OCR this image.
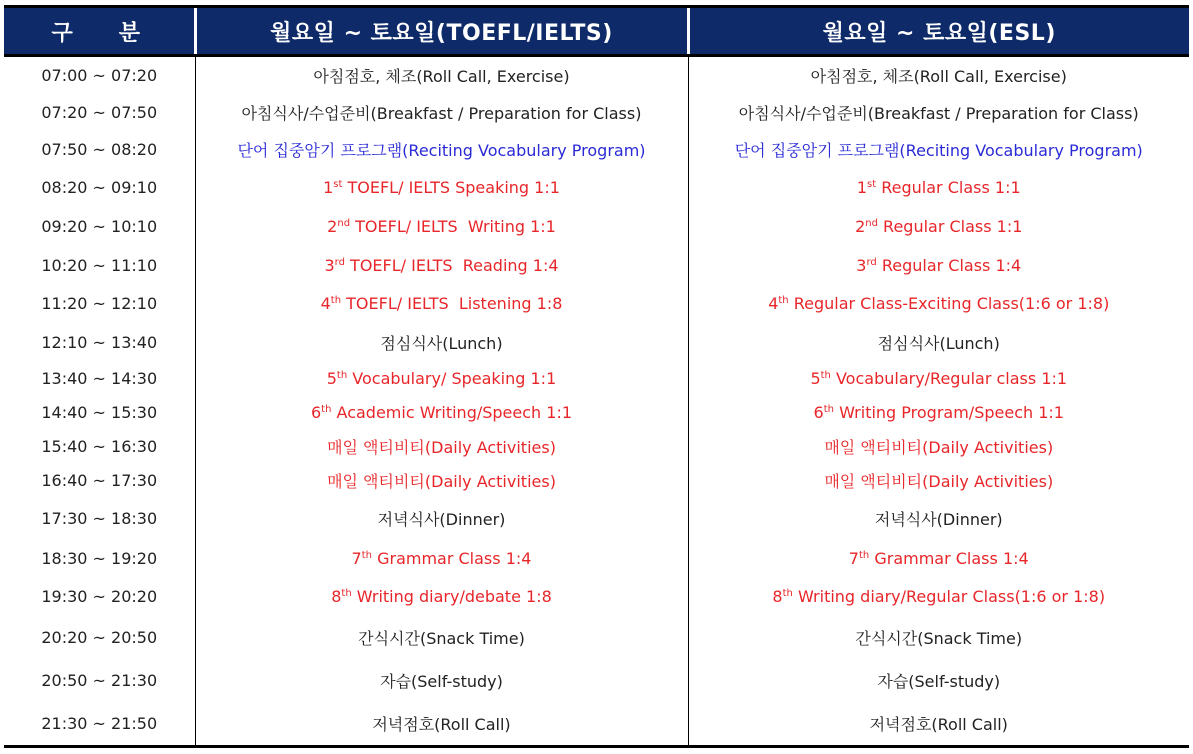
구 분	월요일 ~ 토요일(TOEFL/IELTS)	월요일 ~ 토요일(ESL)
07:00 ~ 07:20	아침점호, 체조(Roll Call, Exercise)	아침점호, 체조(Roll Call, Exercise)
07:20 ~ 07:50	아침식사/수업준비(Breakfast / Preparation for Class)	아침식사/수업준비(Breakfast / Preparation for Class)
07:50 ~ 08:20	단어 집중암기 프로그램(Reciting Vocabulary Program)	단어 집중암기 프로그램(Reciting Vocabulary Program)
08:20 ~ 09:10	1st TOEFL/ IELTS Speaking 1:1	1st Regular Class 1:1
09:20 ~ 10:10	2nd TOEFL/ IELTS  Writing 1:1	2nd Regular Class 1:1
10:20 ~ 11:10	3rd TOEFL/ IELTS  Reading 1:4	3rd Regular Class 1:4
11:20 ~ 12:10	4th TOEFL/ IELTS  Listening 1:8	4th Regular Class-Exciting Class(1:6 or 1:8)
12:10 ~ 13:40	점심식사(Lunch)	점심식사(Lunch)
13:40 ~ 14:30	5th Vocabulary/ Speaking 1:1	5th Vocabulary/Regular class 1:1
14:40 ~ 15:30	6th Academic Writing/Speech 1:1	6th Writing Program/Speech 1:1
15:40 ~ 16:30	매일 액티비티(Daily Activities)	매일 액티비티(Daily Activities)
16:40 ~ 17:30	매일 액티비티(Daily Activities)	매일 액티비티(Daily Activities)
17:30 ~ 18:30	저녁식사(Dinner)	저녁식사(Dinner)
18:30 ~ 19:20	7th Grammar Class 1:4	7th Grammar Class 1:4
19:30 ~ 20:20	8th Writing diary/debate 1:8	8th Writing diary/Regular Class(1:6 or 1:8)
20:20 ~ 20:50	간식시간(Snack Time)	간식시간(Snack Time)
20:50 ~ 21:30	자습(Self-study)	자습(Self-study)
21:30 ~ 21:50	저녁점호(Roll Call)	저녁점호(Roll Call)
